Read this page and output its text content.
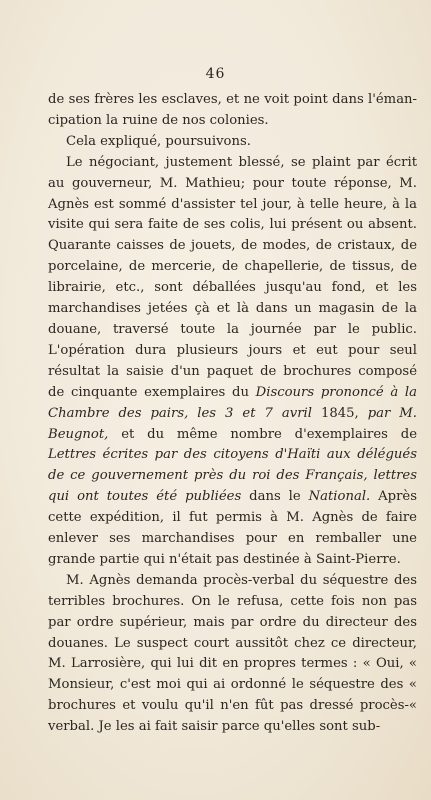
46

de ses frères les esclaves, et ne voit point dans l'éman-cipation la ruine de nos colonies.

Cela expliqué, poursuivons.

Le négociant, justement blessé, se plaint par écrit au gouverneur, M. Mathieu; pour toute réponse, M. Agnès est sommé d'assister tel jour, à telle heure, à la visite qui sera faite de ses colis, lui présent ou absent. Quarante caisses de jouets, de modes, de cristaux, de porcelaine, de mercerie, de chapellerie, de tissus, de librairie, etc., sont déballées jusqu'au fond, et les marchandises jetées çà et là dans un magasin de la douane, traversé toute la journée par le public. L'opération dura plusieurs jours et eut pour seul résultat la saisie d'un paquet de brochures composé de cinquante exemplaires du Discours prononcé à la Chambre des pairs, les 3 et 7 avril 1845, par M. Beugnot, et du même nombre d'exemplaires de Lettres écrites par des citoyens d'Haïti aux délégués de ce gouvernement près du roi des Français, lettres qui ont toutes été publiées dans le National. Après cette expédition, il fut permis à M. Agnès de faire enlever ses marchandises pour en remballer une grande partie qui n'était pas destinée à Saint-Pierre.

M. Agnès demanda procès-verbal du séquestre des terribles brochures. On le refusa, cette fois non pas par ordre supérieur, mais par ordre du directeur des douanes. Le suspect court aussitôt chez ce directeur, M. Larrosière, qui lui dit en propres termes : « Oui, « Monsieur, c'est moi qui ai ordonné le séquestre des « brochures et voulu qu'il n'en fût pas dressé procès-« verbal. Je les ai fait saisir parce qu'elles sont sub-
